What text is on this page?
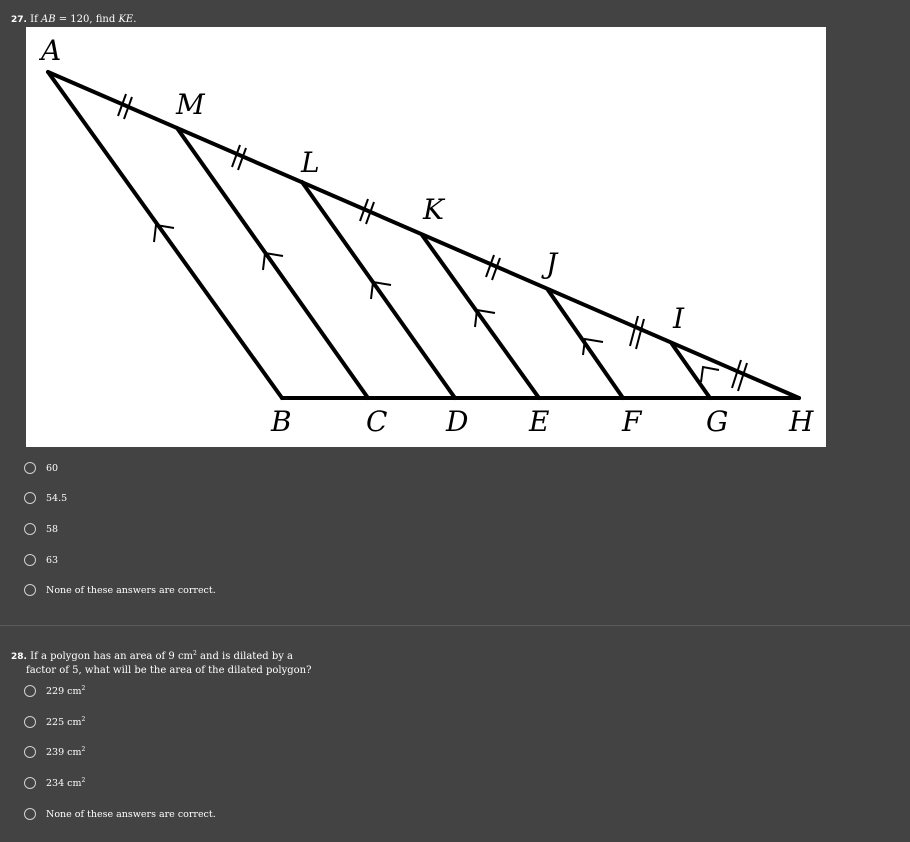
27. If AB = 120, find KE.
A
M
L
K
J
I
B	C D E	F G H
60
54.5
58
63
None of these answers are correct.
28. If a polygon has an area of 9 $cm^2$ and is dilated by a
factor of 5, what will be the area of the dilated polygon?
229 $cm^2$
225 $cm^2$
239 $cm^2$
234 $cm^2$
None of these answers are correct.
